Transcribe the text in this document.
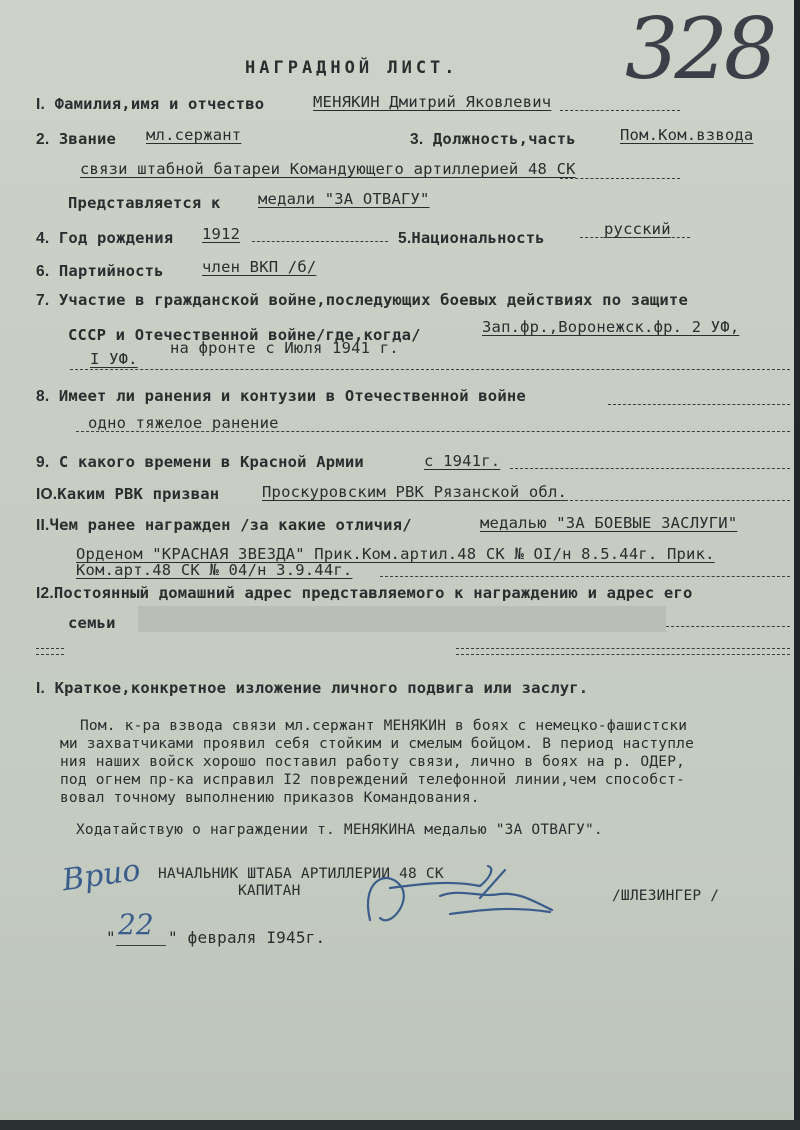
НАГРАДНОЙ ЛИСТ. 328
I. Фамилия,имя и отчество	МЕНЯКИН Дмитрий Яковлевич
2. Звание мл.сержант	3. Должность,часть	Пом.Ком.взвода
связи штабной батареи Командующего артиллерией 48 СК
Представляется к медали "ЗА ОТВАГУ"
4. Год рождения 1912	5.Национальность	русский
6. Партийность член ВКП /б/
7. Участие в гражданской войне,последующих боевых действиях по защите
СССР и Отечественной войне/где,когда/	Зап.фр.,Воронежск.фр. 2 УФ,
I УФ.
на фронте с Июля 1941 г.
8. Имеет ли ранения и контузии в Отечественной войне
одно тяжелое ранение
9. С какого времени в Красной Армии	с 1941г.
IO.Каким РВК призван	Проскуровским РВК Рязанской обл.
II.Чем ранее награжден /за какие отличия/	медалью "ЗА БОЕВЫЕ ЗАСЛУГИ"
Орденом "КРАСНАЯ ЗВЕЗДА" Прик.Ком.артил.48 СК № OI/н 8.5.44г. Прик.
Ком.арт.48 СК № 04/н 3.9.44г.
I2.Постоянный домашний адрес представляемого к награждению и адрес его
семьи
I. Краткое,конкретное изложение личного подвига или заслуг.
Пом. к-ра взвода связи мл.сержант МЕНЯКИН в боях с немецко-фашистски
ми захватчиками проявил себя стойким и смелым бойцом. В период наступле
ния наших войск хорошо поставил работу связи, лично в боях на р. ОДЕР,
под огнем пр-ка исправил I2 повреждений телефонной линии,чем способст-
вовал точному выполнению приказов Командования.
Ходатайствую о награждении т. МЕНЯКИНА медалью "ЗА ОТВАГУ".
Врио НАЧАЛЬНИК ШТАБА АРТИЛЛЕРИИ 48 СК
КАПИТАН	/ШЛЕЗИНГЕР /
" 22 " февраля I945г.
